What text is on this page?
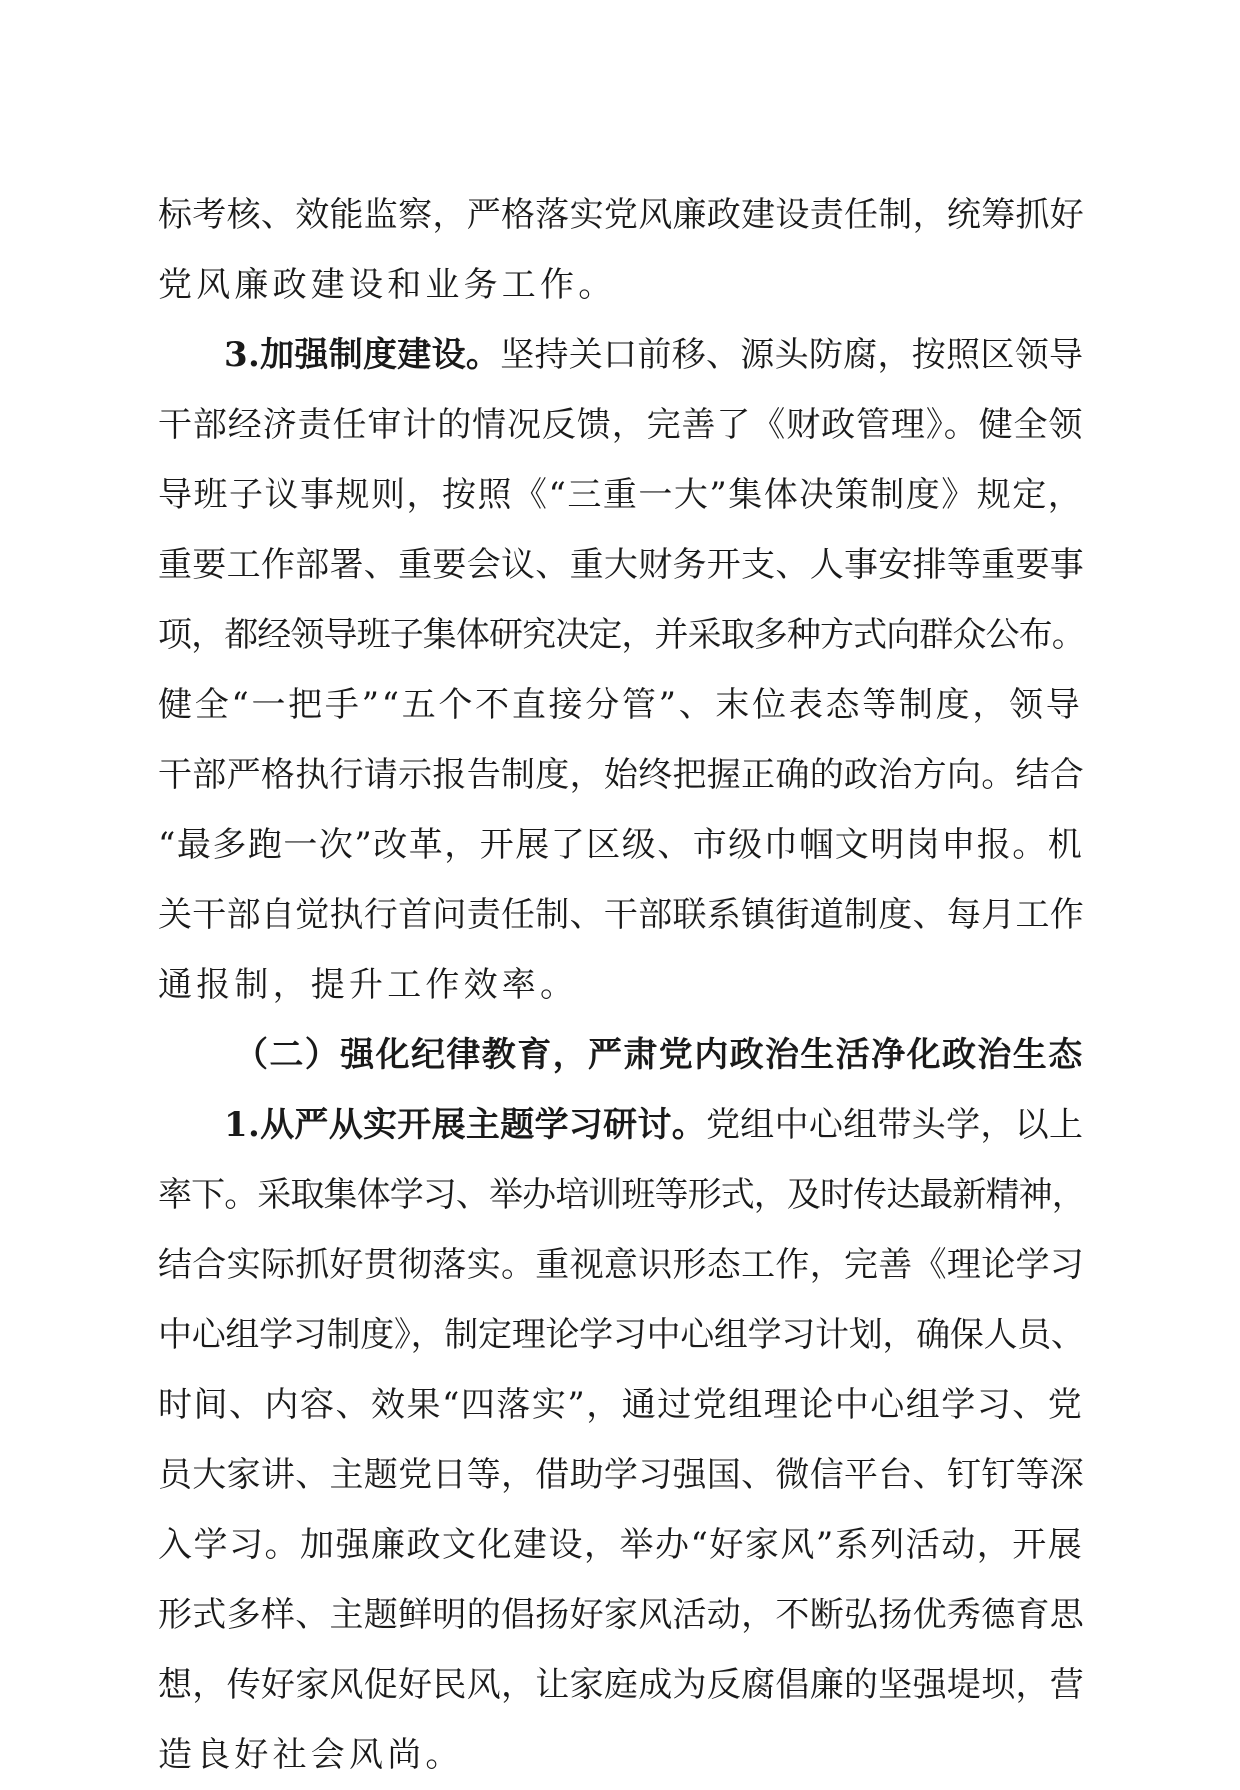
标考核、效能监察，严格落实党风廉政建设责任制，统筹抓好
党风廉政建设和业务工作。
3.加强制度建设。坚持关口前移、源头防腐，按照区领导
干部经济责任审计的情况反馈，完善了《财政管理》。健全领
导班子议事规则，按照《“三重一大”集体决策制度》规定，
重要工作部署、重要会议、重大财务开支、人事安排等重要事
项，都经领导班子集体研究决定，并采取多种方式向群众公布。
健全“一把手”“五个不直接分管”、末位表态等制度，领导
干部严格执行请示报告制度，始终把握正确的政治方向。结合
“最多跑一次”改革，开展了区级、市级巾帼文明岗申报。机
关干部自觉执行首问责任制、干部联系镇街道制度、每月工作
通报制，提升工作效率。
（二）强化纪律教育，严肃党内政治生活净化政治生态
1.从严从实开展主题学习研讨。党组中心组带头学，以上
率下。采取集体学习、举办培训班等形式，及时传达最新精神，
结合实际抓好贯彻落实。重视意识形态工作，完善《理论学习
中心组学习制度》，制定理论学习中心组学习计划，确保人员、
时间、内容、效果“四落实”，通过党组理论中心组学习、党
员大家讲、主题党日等，借助学习强国、微信平台、钉钉等深
入学习。加强廉政文化建设，举办“好家风”系列活动，开展
形式多样、主题鲜明的倡扬好家风活动，不断弘扬优秀德育思
想，传好家风促好民风，让家庭成为反腐倡廉的坚强堤坝，营
造良好社会风尚。
